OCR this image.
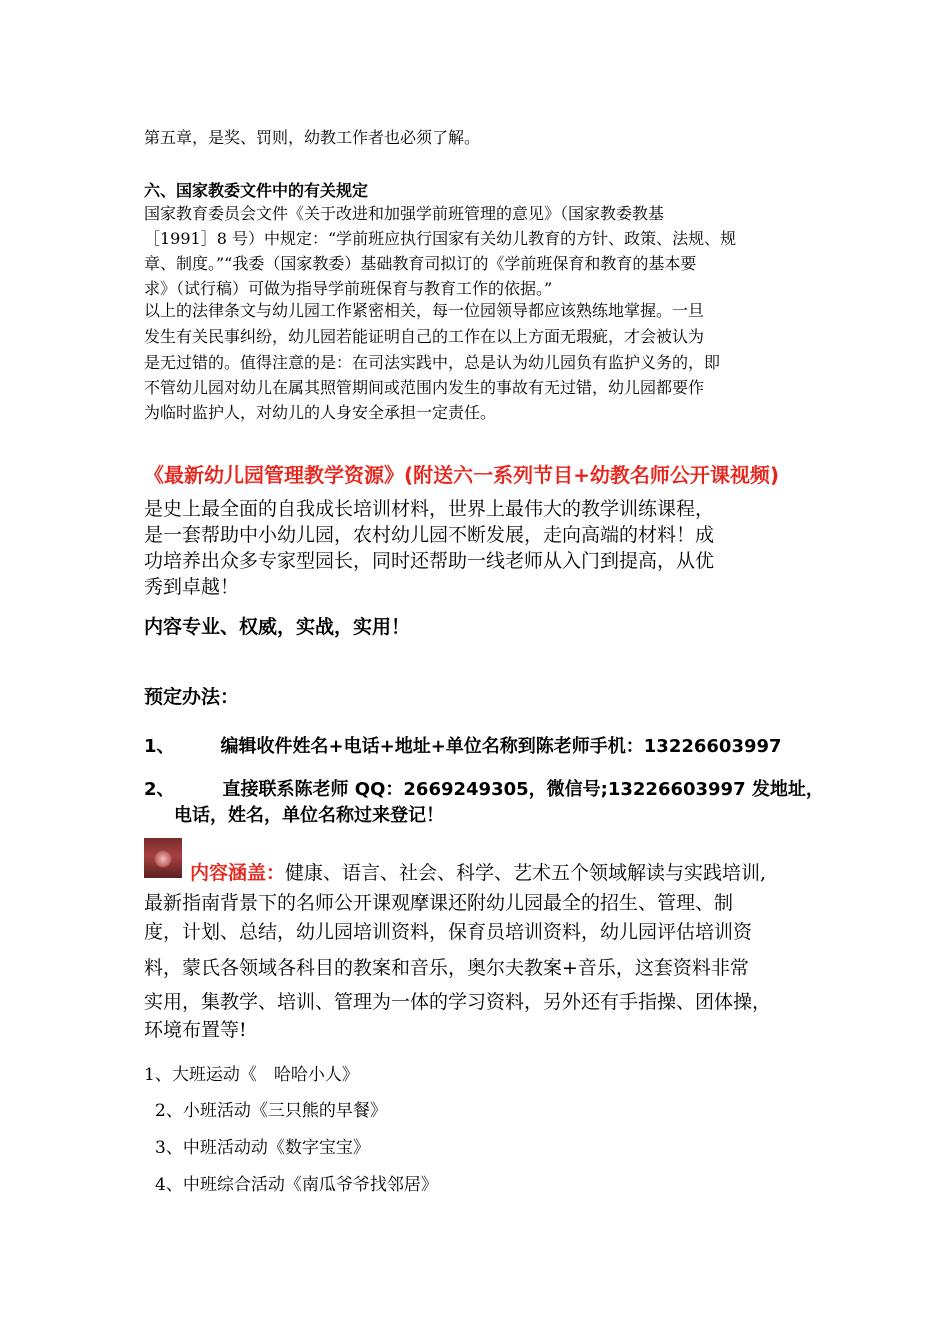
第五章，是奖、罚则，幼教工作者也必须了解。

六、国家教委文件中的有关规定

国家教育委员会文件《关于改进和加强学前班管理的意见》（国家教委教基

［1991］8 号）中规定：“学前班应执行国家有关幼儿教育的方针、政策、法规、规

章、制度。”“我委（国家教委）基础教育司拟订的《学前班保育和教育的基本要

求》（试行稿）可做为指导学前班保育与教育工作的依据。”

以上的法律条文与幼儿园工作紧密相关，每一位园领导都应该熟练地掌握。一旦

发生有关民事纠纷，幼儿园若能证明自己的工作在以上方面无瑕疵，才会被认为

是无过错的。值得注意的是：在司法实践中，总是认为幼儿园负有监护义务的，即

不管幼儿园对幼儿在属其照管期间或范围内发生的事故有无过错，幼儿园都要作

为临时监护人，对幼儿的人身安全承担一定责任。

《最新幼儿园管理教学资源》(附送六一系列节目+幼教名师公开课视频)

是史上最全面的自我成长培训材料，世界上最伟大的教学训练课程，

是一套帮助中小幼儿园，农村幼儿园不断发展，走向高端的材料！成

功培养出众多专家型园长，同时还帮助一线老师从入门到提高，从优

秀到卓越！

内容专业、权威，实战，实用！

预定办法：

1、	编辑收件姓名+电话+地址+单位名称到陈老师手机：13226603997
2、	直接联系陈老师 QQ：2669249305，微信号;13226603997 发地址，

电话，姓名，单位名称过来登记！

内容涵盖：健康、语言、社会、科学、艺术五个领域解读与实践培训,

最新指南背景下的名师公开课观摩课还附幼儿园最全的招生、管理、制

度，计划、总结，幼儿园培训资料，保育员培训资料，幼儿园评估培训资

料，蒙氏各领域各科目的教案和音乐，奥尔夫教案+音乐，这套资料非常

实用，集教学、培训、管理为一体的学习资料，另外还有手指操、团体操，

环境布置等!

1、大班运动《　哈哈小人》

2、小班活动《三只熊的早餐》

3、中班活动动《数字宝宝》

4、中班综合活动《南瓜爷爷找邻居》
